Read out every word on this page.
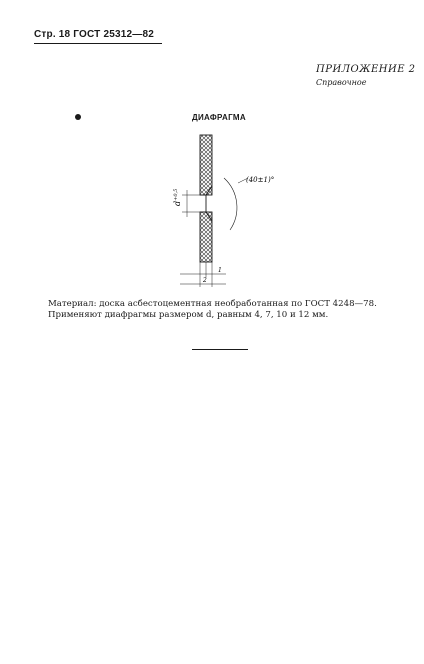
Стр. 18 ГОСТ 25312—82
ПРИЛОЖЕНИЕ 2
Справочное
ДИАФРАГМА
$d^{+0,5}$
(40±1)°
1
2
Материал: доска асбестоцементная необработанная по ГОСТ 4248—78.
Применяют диафрагмы размером d, равным 4, 7, 10 и 12 мм.
